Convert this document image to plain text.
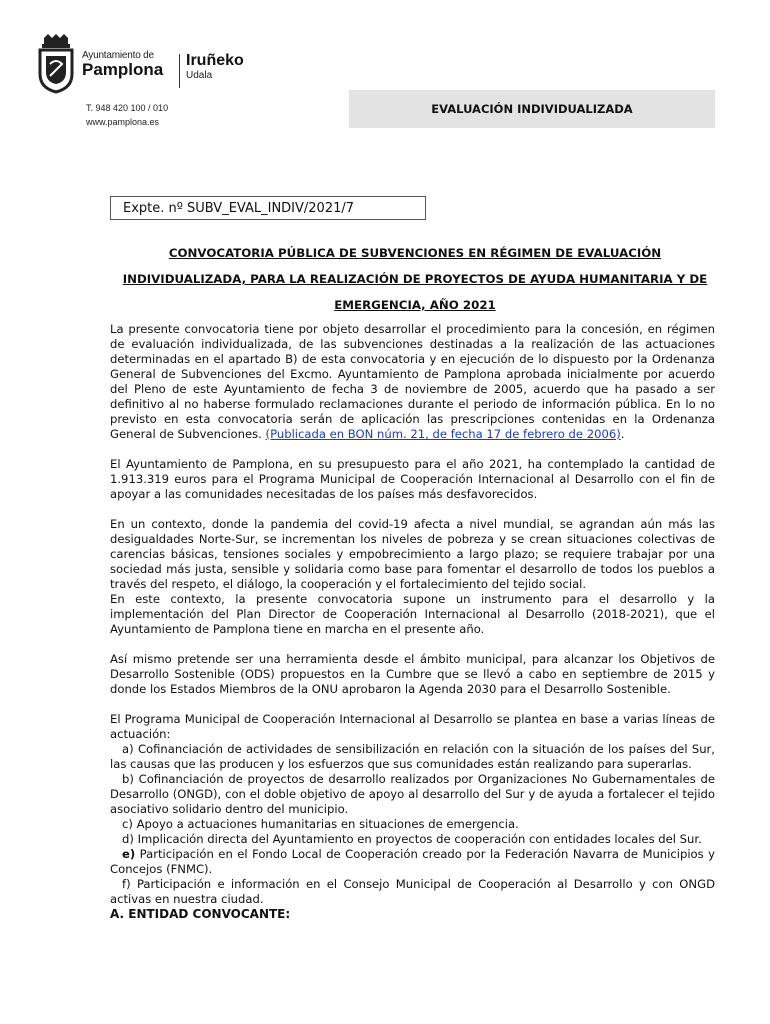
Ayuntamiento de
Pamplona Iruñeko
Udala
T. 948 420 100 / 010
www.pamplona.es
EVALUACIÓN INDIVIDUALIZADA
Expte. nº SUBV_EVAL_INDIV/2021/7
CONVOCATORIA PÚBLICA DE SUBVENCIONES EN RÉGIMEN DE EVALUACIÓN INDIVIDUALIZADA, PARA LA REALIZACIÓN DE PROYECTOS DE AYUDA HUMANITARIA Y DE EMERGENCIA, AÑO 2021

La presente convocatoria tiene por objeto desarrollar el procedimiento para la concesión, en régimen de evaluación individualizada, de las subvenciones destinadas a la realización de las actuaciones determinadas en el apartado B) de esta convocatoria y en ejecución de lo dispuesto por la Ordenanza General de Subvenciones del Excmo. Ayuntamiento de Pamplona aprobada inicialmente por acuerdo del Pleno de este Ayuntamiento de fecha 3 de noviembre de 2005, acuerdo que ha pasado a ser definitivo al no haberse formulado reclamaciones durante el periodo de información pública. En lo no previsto en esta convocatoria serán de aplicación las prescripciones contenidas en la Ordenanza General de Subvenciones. (Publicada en BON núm. 21, de fecha 17 de febrero de 2006).

El Ayuntamiento de Pamplona, en su presupuesto para el año 2021, ha contemplado la cantidad de 1.913.319 euros para el Programa Municipal de Cooperación Internacional al Desarrollo con el fin de apoyar a las comunidades necesitadas de los países más desfavorecidos.

En un contexto, donde la pandemia del covid-19 afecta a nivel mundial, se agrandan aún más las desigualdades Norte-Sur, se incrementan los niveles de pobreza y se crean situaciones colectivas de carencias básicas, tensiones sociales y empobrecimiento a largo plazo; se requiere trabajar por una sociedad más justa, sensible y solidaria como base para fomentar el desarrollo de todos los pueblos a través del respeto, el diálogo, la cooperación y el fortalecimiento del tejido social.

En este contexto, la presente convocatoria supone un instrumento para el desarrollo y la implementación del Plan Director de Cooperación Internacional al Desarrollo (2018-2021), que el Ayuntamiento de Pamplona tiene en marcha en el presente año.

Así mismo pretende ser una herramienta desde el ámbito municipal, para alcanzar los Objetivos de Desarrollo Sostenible (ODS) propuestos en la Cumbre que se llevó a cabo en septiembre de 2015 y donde los Estados Miembros de la ONU aprobaron la Agenda 2030 para el Desarrollo Sostenible.

El Programa Municipal de Cooperación Internacional al Desarrollo se plantea en base a varias líneas de actuación:

a) Cofinanciación de actividades de sensibilización en relación con la situación de los países del Sur, las causas que las producen y los esfuerzos que sus comunidades están realizando para superarlas.
b) Cofinanciación de proyectos de desarrollo realizados por Organizaciones No Gubernamentales de Desarrollo (ONGD), con el doble objetivo de apoyo al desarrollo del Sur y de ayuda a fortalecer el tejido asociativo solidario dentro del municipio.
c) Apoyo a actuaciones humanitarias en situaciones de emergencia.
d) Implicación directa del Ayuntamiento en proyectos de cooperación con entidades locales del Sur.
e) Participación en el Fondo Local de Cooperación creado por la Federación Navarra de Municipios y Concejos (FNMC).
f) Participación e información en el Consejo Municipal de Cooperación al Desarrollo y con ONGD activas en nuestra ciudad.
A. ENTIDAD CONVOCANTE:
